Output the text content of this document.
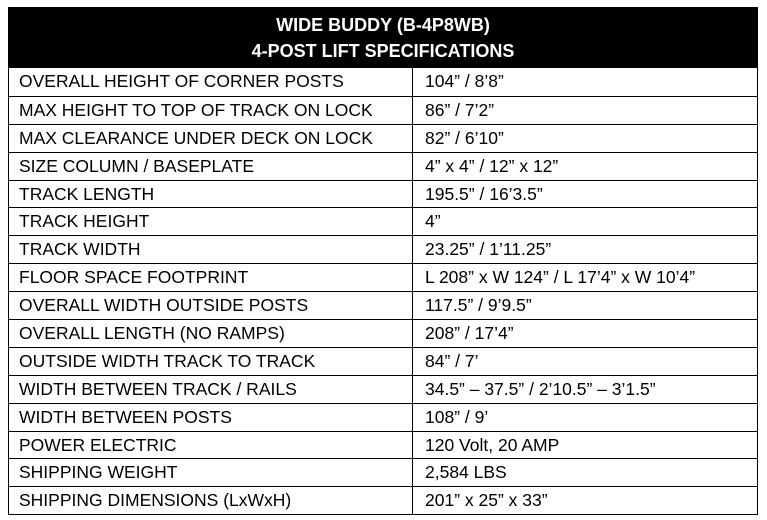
WIDE BUDDY (B-4P8WB)
4-POST LIFT SPECIFICATIONS
OVERALL HEIGHT OF CORNER POSTS	104” / 8’8”
MAX HEIGHT TO TOP OF TRACK ON LOCK	86” / 7’2”
MAX CLEARANCE UNDER DECK ON LOCK	82” / 6’10”
SIZE COLUMN / BASEPLATE	4” x 4” / 12” x 12”
TRACK LENGTH	195.5” / 16’3.5”
TRACK HEIGHT	4”
TRACK WIDTH	23.25” / 1’11.25”
FLOOR SPACE FOOTPRINT	L 208” x W 124” / L 17’4” x W 10’4”
OVERALL WIDTH OUTSIDE POSTS	117.5” / 9’9.5”
OVERALL LENGTH (NO RAMPS)	208” / 17’4”
OUTSIDE WIDTH TRACK TO TRACK	84” / 7’
WIDTH BETWEEN TRACK / RAILS	34.5” – 37.5” / 2’10.5” – 3’1.5”
WIDTH BETWEEN POSTS	108” / 9’
POWER ELECTRIC	120 Volt, 20 AMP
SHIPPING WEIGHT	2,584 LBS
SHIPPING DIMENSIONS (LxWxH)	201” x 25” x 33”
